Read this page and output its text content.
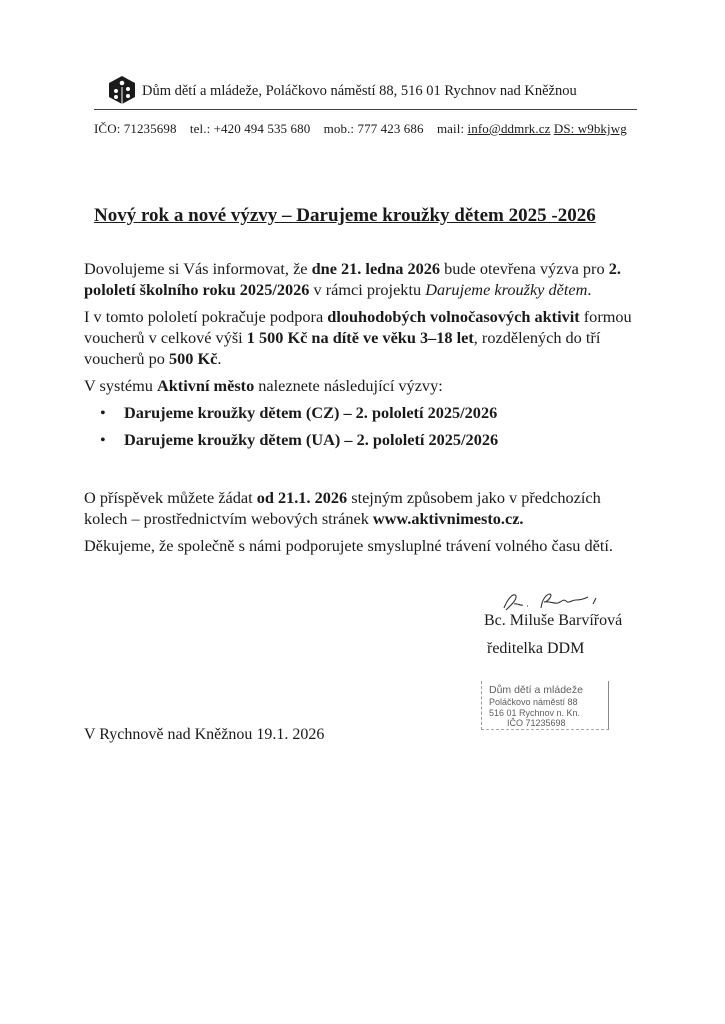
Dům dětí a mládeže, Poláčkovo náměstí 88, 516 01 Rychnov nad Kněžnou
IČO: 71235698 tel.: +420 494 535 680 mob.: 777 423 686 mail: info@ddmrk.cz DS: w9bkjwg
Nový rok a nové výzvy – Darujeme kroužky dětem 2025 -2026

Dovolujeme si Vás informovat, že dne 21. ledna 2026 bude otevřena výzva pro 2. pololetí školního roku 2025/2026 v rámci projektu Darujeme kroužky dětem.

I v tomto pololetí pokračuje podpora dlouhodobých volnočasových aktivit formou voucherů v celkové výši 1 500 Kč na dítě ve věku 3–18 let, rozdělených do tří voucherů po 500 Kč.

V systému Aktivní město naleznete následující výzvy:

• Darujeme kroužky dětem (CZ) – 2. pololetí 2025/2026
• Darujeme kroužky dětem (UA) – 2. pololetí 2025/2026

O příspěvek můžete žádat od 21.1. 2026 stejným způsobem jako v předchozích kolech – prostřednictvím webových stránek www.aktivnimesto.cz.

Děkujeme, že společně s námi podporujete smysluplné trávení volného času dětí.

Bc. Miluše Barvířová
ředitelka DDM
Dům dětí a mládeže
Poláčkovo náměstí 88
516 01 Rychnov n. Kn.
IČO 71235698
V Rychnově nad Kněžnou 19.1. 2026
